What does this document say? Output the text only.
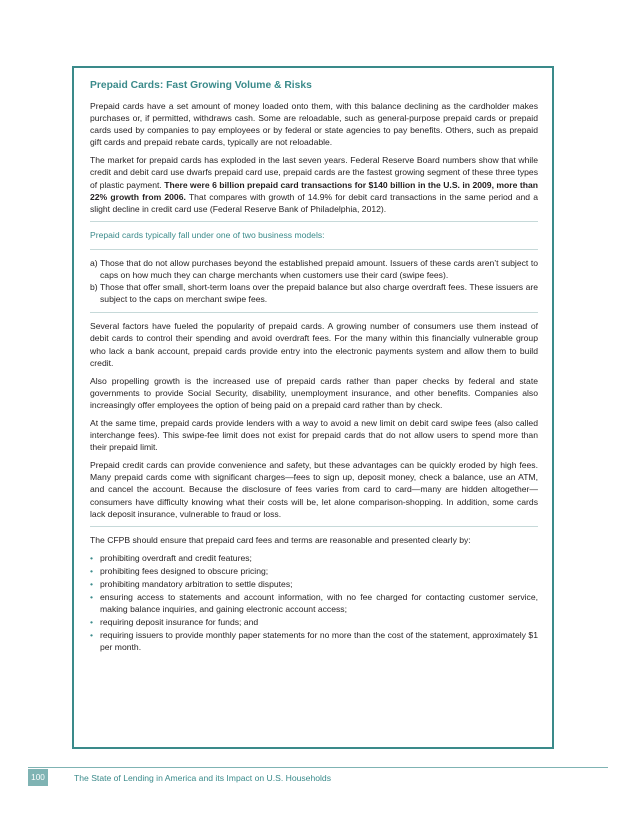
Prepaid Cards: Fast Growing Volume & Risks

Prepaid cards have a set amount of money loaded onto them, with this balance declining as the cardholder makes purchases or, if permitted, withdraws cash. Some are reloadable, such as general-purpose prepaid cards or prepaid cards used by companies to pay employees or by federal or state agencies to pay benefits. Others, such as prepaid gift cards and prepaid rebate cards, typically are not reloadable.

The market for prepaid cards has exploded in the last seven years. Federal Reserve Board numbers show that while credit and debit card use dwarfs prepaid card use, prepaid cards are the fastest growing segment of these three types of plastic payment. There were 6 billion prepaid card transactions for $140 billion in the U.S. in 2009, more than 22% growth from 2006. That compares with growth of 14.9% for debit card transactions in the same period and a slight decline in credit card use (Federal Reserve Bank of Philadelphia, 2012).

Prepaid cards typically fall under one of two business models:

a) Those that do not allow purchases beyond the established prepaid amount. Issuers of these cards aren’t subject to caps on how much they can charge merchants when customers use their card (swipe fees).

b) Those that offer small, short-term loans over the prepaid balance but also charge overdraft fees. These issuers are subject to the caps on merchant swipe fees.

Several factors have fueled the popularity of prepaid cards. A growing number of consumers use them instead of debit cards to control their spending and avoid overdraft fees. For the many within this financially vulnerable group who lack a bank account, prepaid cards provide entry into the electronic payments system and allow them to build credit.

Also propelling growth is the increased use of prepaid cards rather than paper checks by federal and state governments to provide Social Security, disability, unemployment insurance, and other benefits. Companies also increasingly offer employees the option of being paid on a prepaid card rather than by check.

At the same time, prepaid cards provide lenders with a way to avoid a new limit on debit card swipe fees (also called interchange fees). This swipe-fee limit does not exist for prepaid cards that do not allow users to spend more than their prepaid limit.

Prepaid credit cards can provide convenience and safety, but these advantages can be quickly eroded by high fees. Many prepaid cards come with significant charges—fees to sign up, deposit money, check a balance, use an ATM, and cancel the account. Because the disclosure of fees varies from card to card—many are hidden altogether—consumers have difficulty knowing what their costs will be, let alone comparison-shopping. In addition, some cards lack deposit insurance, vulnerable to fraud or loss.

The CFPB should ensure that prepaid card fees and terms are reasonable and presented clearly by:

• prohibiting overdraft and credit features;

• prohibiting fees designed to obscure pricing;

• prohibiting mandatory arbitration to settle disputes;

• ensuring access to statements and account information, with no fee charged for contacting customer service, making balance inquiries, and gaining electronic account access;

• requiring deposit insurance for funds; and

• requiring issuers to provide monthly paper statements for no more than the cost of the statement, approximately $1 per month.

100	The State of Lending in America and its Impact on U.S. Households
